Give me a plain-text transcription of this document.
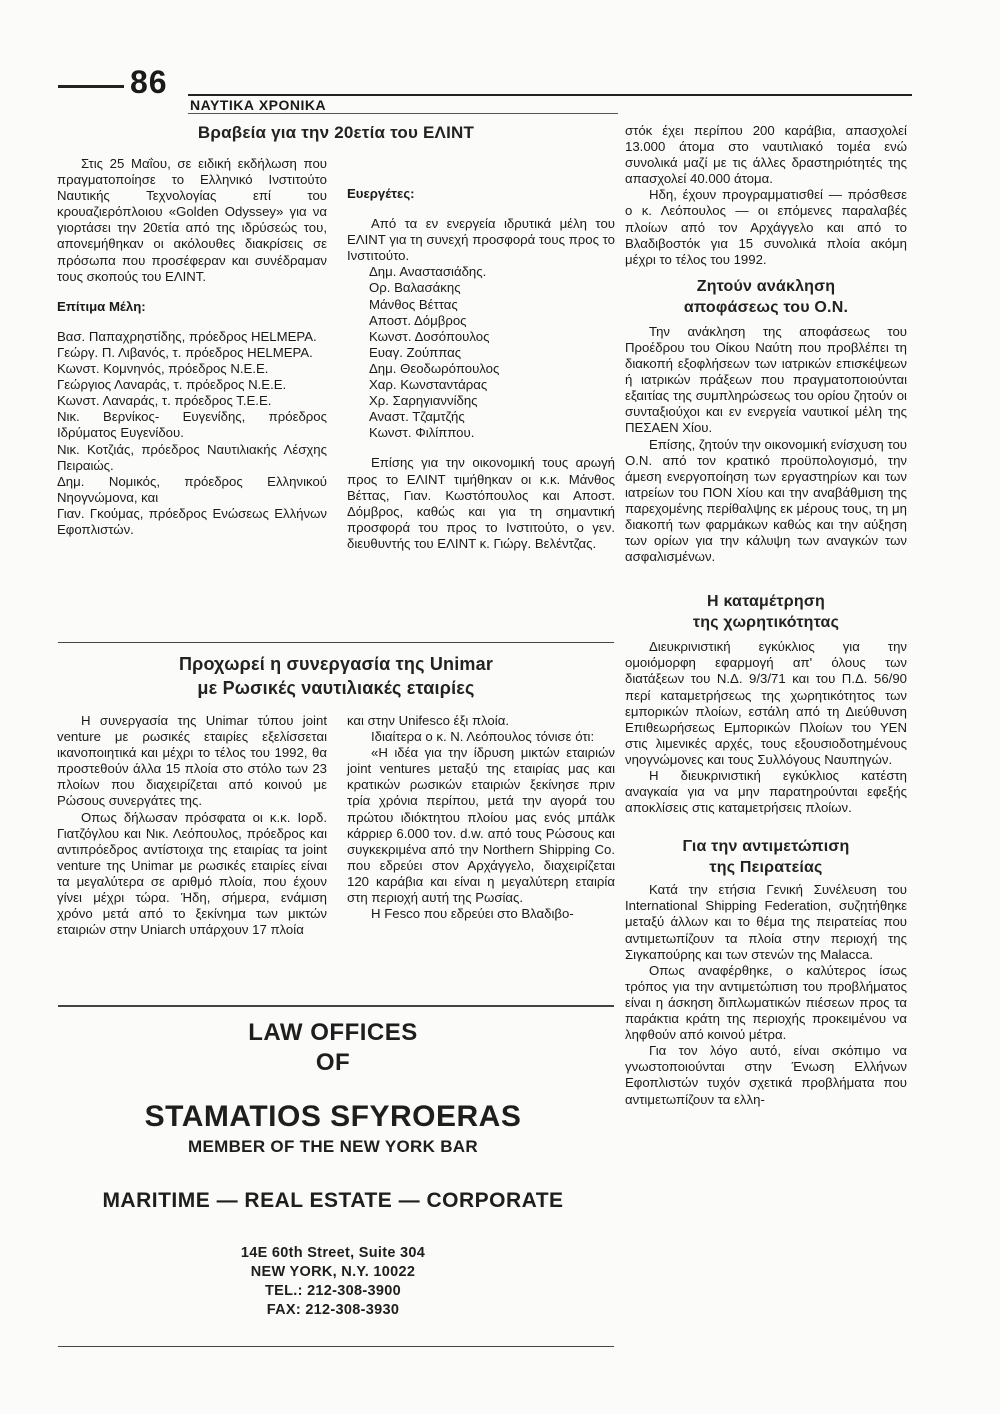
86
ΝΑΥΤΙΚΑ ΧΡΟΝΙΚΑ
Βραβεία για την 20ετία του ΕΛΙΝΤ

Στις 25 Μαΐου, σε ειδική εκδήλωση που πραγματοποίησε το Ελληνικό Ινστιτούτο Ναυτικής Τεχνολογίας επί του κρουαζιερόπλοιου «Golden Odyssey» για να γιορτάσει την 20ετία από της ιδρύσεώς του, απονεμήθηκαν οι ακόλουθες διακρίσεις σε πρόσωπα που προσέφεραν και συνέδραμαν τους σκοπούς του ΕΛΙΝΤ.

Επίτιμα Μέλη:

Βασ. Παπαχρηστίδης, πρόεδρος HELMEPA.

Γεώργ. Π. Λιβανός, τ. πρόεδρος HELMEPA.

Κωνστ. Κομνηνός, πρόεδρος Ν.Ε.Ε.

Γεώργιος Λαναράς, τ. πρόεδρος Ν.Ε.Ε.

Κωνστ. Λαναράς, τ. πρόεδρος Τ.Ε.Ε.

Νικ. Βερνίκος- Ευγενίδης, πρόεδρος Ιδρύματος Ευγενίδου.

Νικ. Κοτζιάς, πρόεδρος Ναυτιλιακής Λέσχης Πειραιώς.

Δημ. Νομικός, πρόεδρος Ελληνικού Νηογνώμονα, και

Γιαν. Γκούμας, πρόεδρος Ενώσεως Ελλήνων Εφοπλιστών.

Ευεργέτες:

Από τα εν ενεργεία ιδρυτικά μέλη του ΕΛΙΝΤ για τη συνεχή προσφορά τους προς το Ινστιτούτο.

Δημ. Αναστασιάδης.

Ορ. Βαλασάκης

Μάνθος Βέττας

Αποστ. Δόμβρος

Κωνστ. Δοσόπουλος

Ευαγ. Ζούππας

Δημ. Θεοδωρόπουλος

Χαρ. Κωνσταντάρας

Χρ. Σαρηγιαννίδης

Αναστ. Τζαμτζής

Κωνστ. Φιλίππου.

Επίσης για την οικονομική τους αρωγή προς το ΕΛΙΝΤ τιμήθηκαν οι κ.κ. Μάνθος Βέττας, Γιαν. Κωστόπουλος και Αποστ. Δόμβρος, καθώς και για τη σημαντική προσφορά του προς το Ινστιτούτο, ο γεν. διευθυντής του ΕΛΙΝΤ κ. Γιώργ. Βελέντζας.

Προχωρεί η συνεργασία της Unimar
με Ρωσικές ναυτιλιακές εταιρίες

Η συνεργασία της Unimar τύπου joint venture με ρωσικές εταιρίες εξελίσσεται ικανοποιητικά και μέχρι το τέλος του 1992, θα προστεθούν άλλα 15 πλοία στο στόλο των 23 πλοίων που διαχειρίζεται από κοινού με Ρώσους συνεργάτες της.

Οπως δήλωσαν πρόσφατα οι κ.κ. Ιορδ. Γιατζόγλου και Νικ. Λεόπουλος, πρόεδρος και αντιπρόεδρος αντίστοιχα της εταιρίας τα joint venture της Unimar με ρωσικές εταιρίες είναι τα μεγαλύτερα σε αριθμό πλοία, που έχουν γίνει μέχρι τώρα. Ήδη, σήμερα, ενάμιση χρόνο μετά από το ξεκίνημα των μικτών εταιριών στην Uniarch υπάρχουν 17 πλοία

και στην Unifesco έξι πλοία.

Ιδιαίτερα ο κ. Ν. Λεόπουλος τόνισε ότι:

«Η ιδέα για την ίδρυση μικτών εταιριών joint ventures μεταξύ της εταιρίας μας και κρατικών ρωσικών εταιριών ξεκίνησε πριν τρία χρόνια περίπου, μετά την αγορά του πρώτου ιδιόκτητου πλοίου μας ενός μπάλκ κάρριερ 6.000 τον. d.w. από τους Ρώσους και συγκεκριμένα από την Northern Shipping Co. που εδρεύει στον Αρχάγγελο, διαχειρίζεται 120 καράβια και είναι η μεγαλύτερη εταιρία στη περιοχή αυτή της Ρωσίας.

Η Fesco που εδρεύει στο Βλαδιβο-

LAW OFFICES
OF
STAMATIOS SFYROERAS
MEMBER OF THE NEW YORK BAR
MARITIME — REAL ESTATE — CORPORATE
14E 60th Street, Suite 304
NEW YORK, N.Y. 10022
TEL.: 212-308-3900
FAX: 212-308-3930

στόκ έχει περίπου 200 καράβια, απασχολεί 13.000 άτομα στο ναυτιλιακό τομέα ενώ συνολικά μαζί με τις άλλες δραστηριότητές της απασχολεί 40.000 άτομα.

Ηδη, έχουν προγραμματισθεί — πρόσθεσε ο κ. Λεόπουλος — οι επόμενες παραλαβές πλοίων από τον Αρχάγγελο και από το Βλαδιβοστόκ για 15 συνολικά πλοία ακόμη μέχρι το τέλος του 1992.

Ζητούν ανάκληση
αποφάσεως του Ο.Ν.

Την ανάκληση της αποφάσεως του Προέδρου του Οίκου Ναύτη που προβλέπει τη διακοπή εξοφλήσεων των ιατρικών επισκέψεων ή ιατρικών πράξεων που πραγματοποιούνται εξαιτίας της συμπληρώσεως του ορίου ζητούν οι συνταξιούχοι και εν ενεργεία ναυτικοί μέλη της ΠΕΣΑΕΝ Χίου.

Επίσης, ζητούν την οικονομική ενίσχυση του Ο.Ν. από τον κρατικό προϋπολογισμό, την άμεση ενεργοποίηση των εργαστηρίων και των ιατρείων του ΠΟΝ Χίου και την αναβάθμιση της παρεχομένης περίθαλψης εκ μέρους τους, τη μη διακοπή των φαρμάκων καθώς και την αύξηση των ορίων για την κάλυψη των αναγκών των ασφαλισμένων.

Η καταμέτρηση
της χωρητικότητας

Διευκρινιστική εγκύκλιος για την ομοιόμορφη εφαρμογή απ' όλους των διατάξεων του Ν.Δ. 9/3/71 και του Π.Δ. 56/90 περί καταμετρήσεως της χωρητικότητος των εμπορικών πλοίων, εστάλη από τη Διεύθυνση Επιθεωρήσεως Εμπορικών Πλοίων του ΥΕΝ στις λιμενικές αρχές, τους εξουσιοδοτημένους νηογνώμονες και τους Συλλόγους Ναυπηγών.

Η διευκρινιστική εγκύκλιος κατέστη αναγκαία για να μην παρατηρούνται εφεξής αποκλίσεις στις καταμετρήσεις πλοίων.

Για την αντιμετώπιση
της Πειρατείας

Κατά την ετήσια Γενική Συνέλευση του International Shipping Federation, συζητήθηκε μεταξύ άλλων και το θέμα της πειρατείας που αντιμετωπίζουν τα πλοία στην περιοχή της Σιγκαπούρης και των στενών της Malacca.

Οπως αναφέρθηκε, ο καλύτερος ίσως τρόπος για την αντιμετώπιση του προβλήματος είναι η άσκηση διπλωματικών πιέσεων προς τα παράκτια κράτη της περιοχής προκειμένου να ληφθούν από κοινού μέτρα.

Για τον λόγο αυτό, είναι σκόπιμο να γνωστοποιούνται στην Ένωση Ελλήνων Εφοπλιστών τυχόν σχετικά προβλήματα που αντιμετωπίζουν τα ελλη-
